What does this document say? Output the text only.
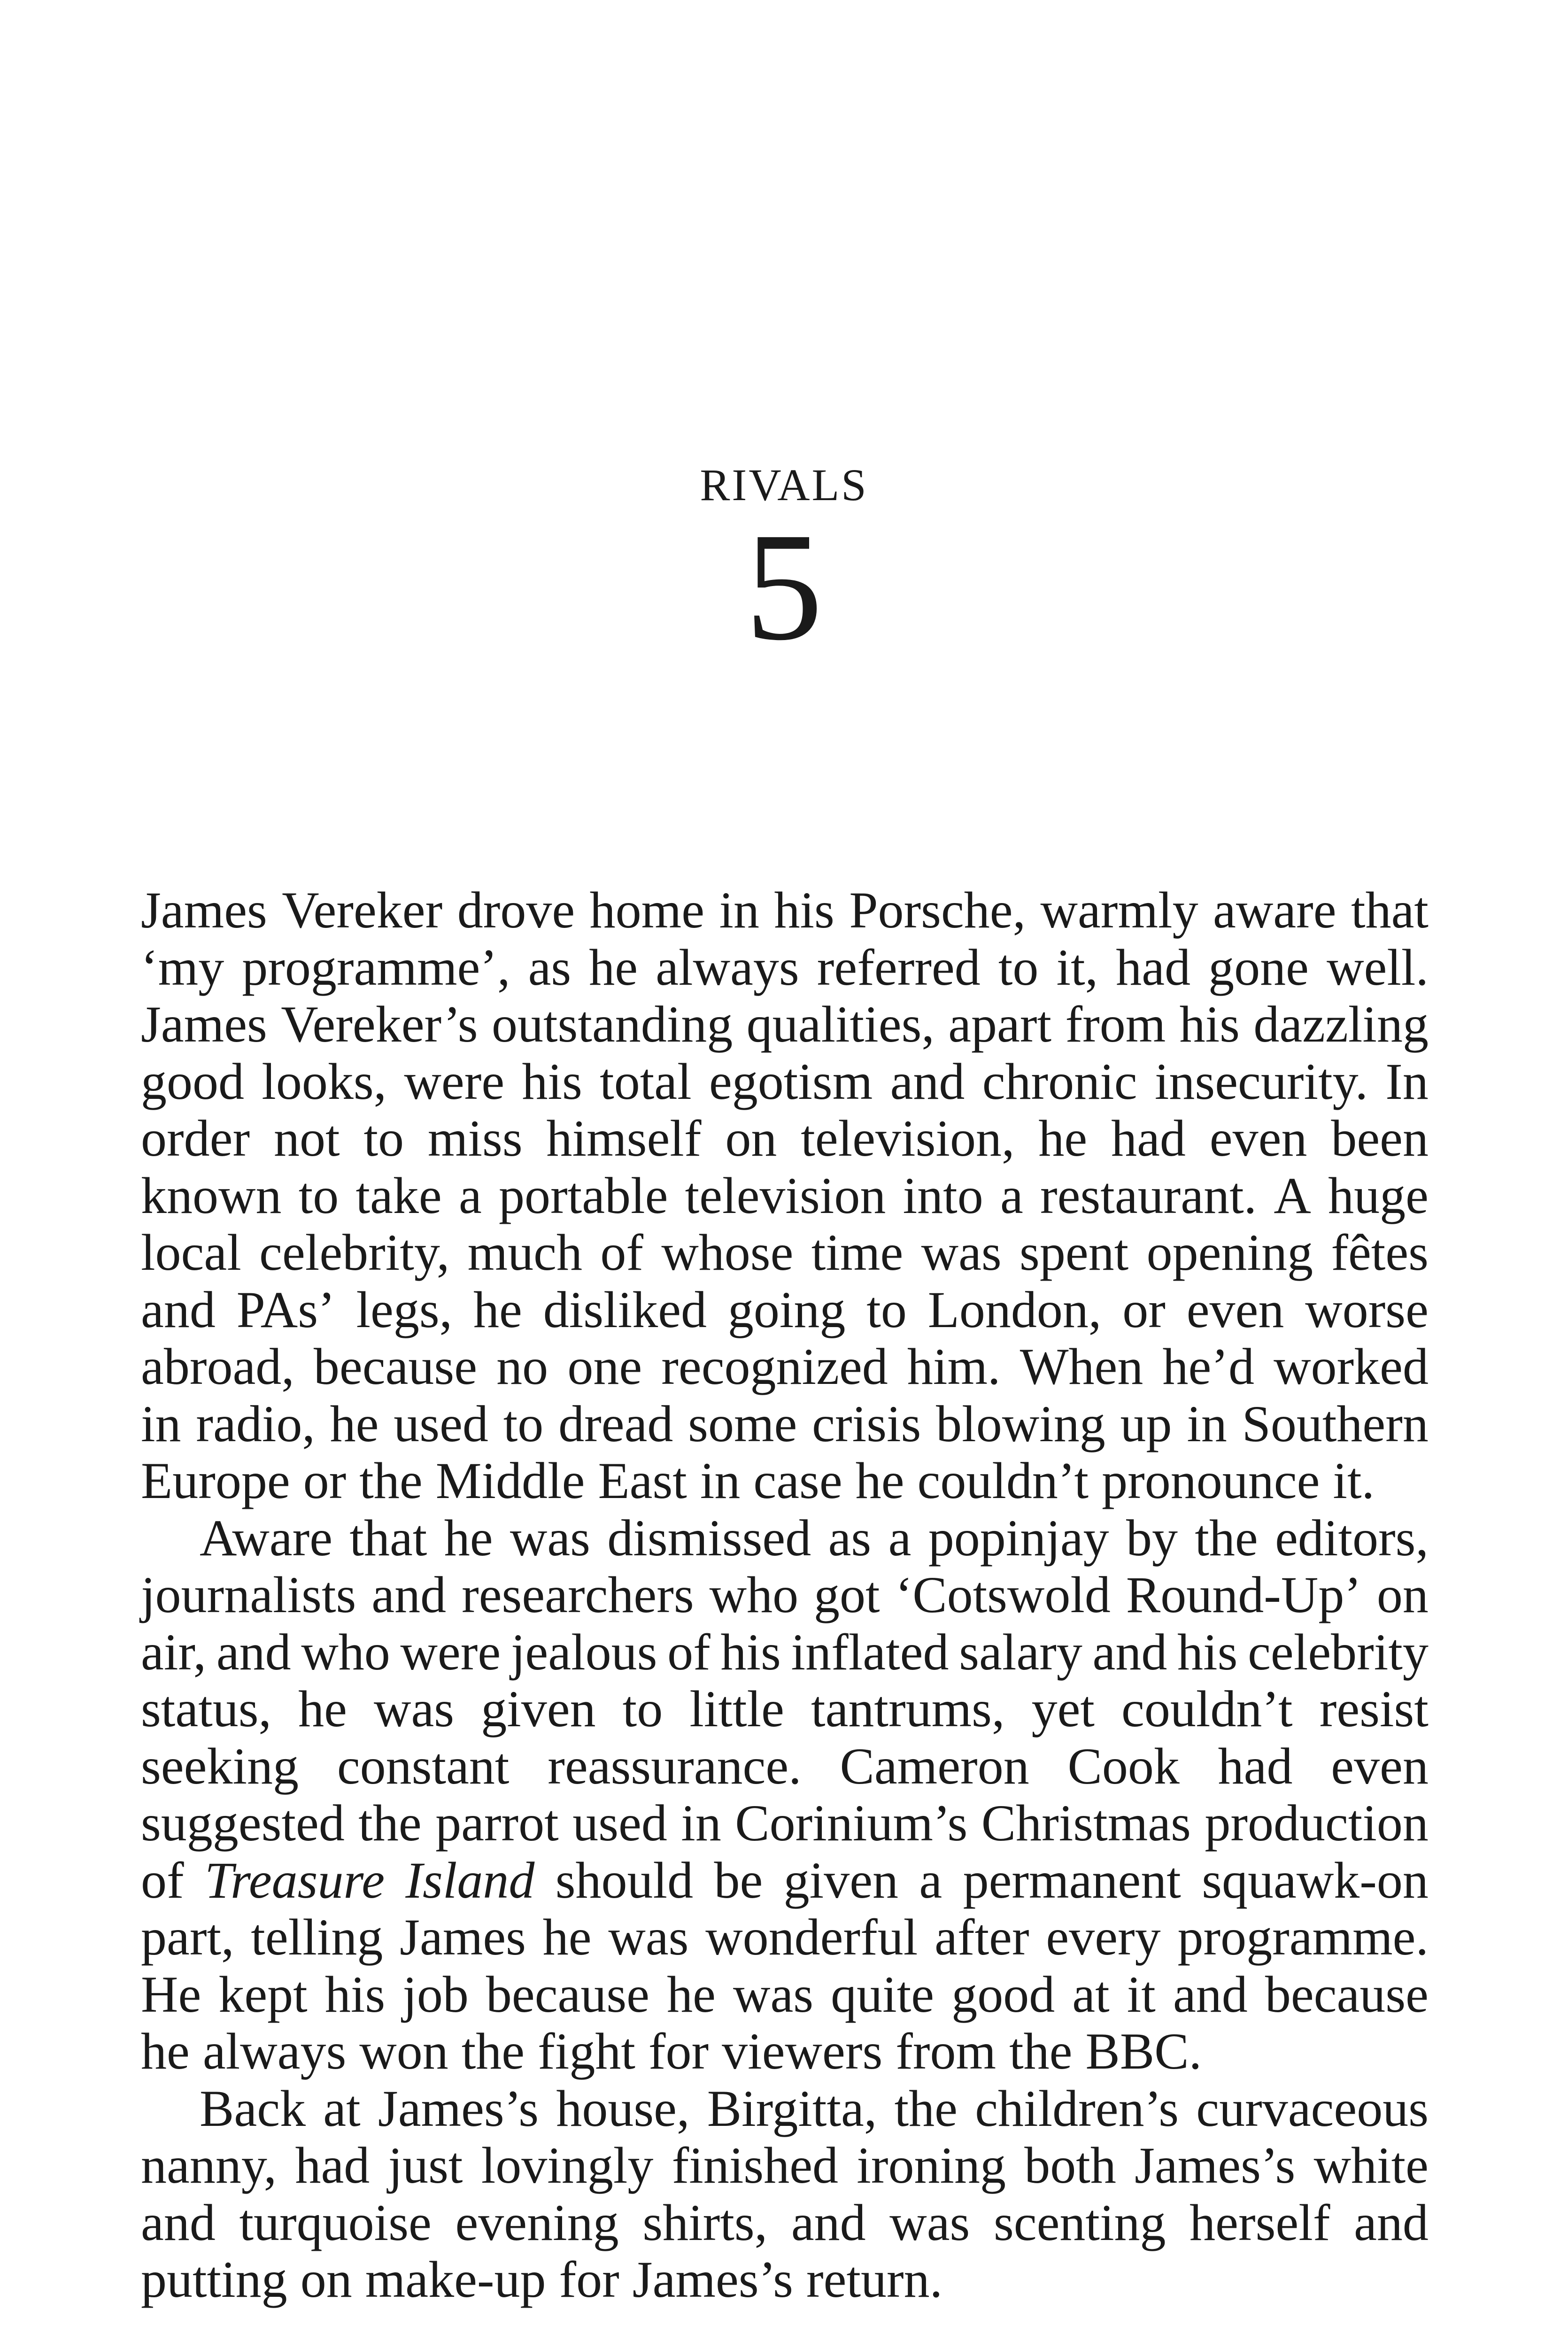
RIVALS
5
James Vereker drove home in his Porsche, warmly aware that
‘my programme’, as he always referred to it, had gone well.
James Vereker’s outstanding qualities, apart from his dazzling
good looks, were his total egotism and chronic insecurity. In
order not to miss himself on television, he had even been
known to take a portable television into a restaurant. A huge
local celebrity, much of whose time was spent opening fêtes
and PAs’ legs, he disliked going to London, or even worse
abroad, because no one recognized him. When he’d worked
in radio, he used to dread some crisis blowing up in Southern
Europe or the Middle East in case he couldn’t pronounce it.
Aware that he was dismissed as a popinjay by the editors,
journalists and researchers who got ‘Cotswold Round-Up’ on
air, and who were jealous of his inflated salary and his celebrity
status, he was given to little tantrums, yet couldn’t resist
seeking constant reassurance. Cameron Cook had even
suggested the parrot used in Corinium’s Christmas production
of Treasure Island should be given a permanent squawk-on
part, telling James he was wonderful after every programme.
He kept his job because he was quite good at it and because
he always won the fight for viewers from the BBC.
Back at James’s house, Birgitta, the children’s curvaceous
nanny, had just lovingly finished ironing both James’s white
and turquoise evening shirts, and was scenting herself and
putting on make-up for James’s return.
